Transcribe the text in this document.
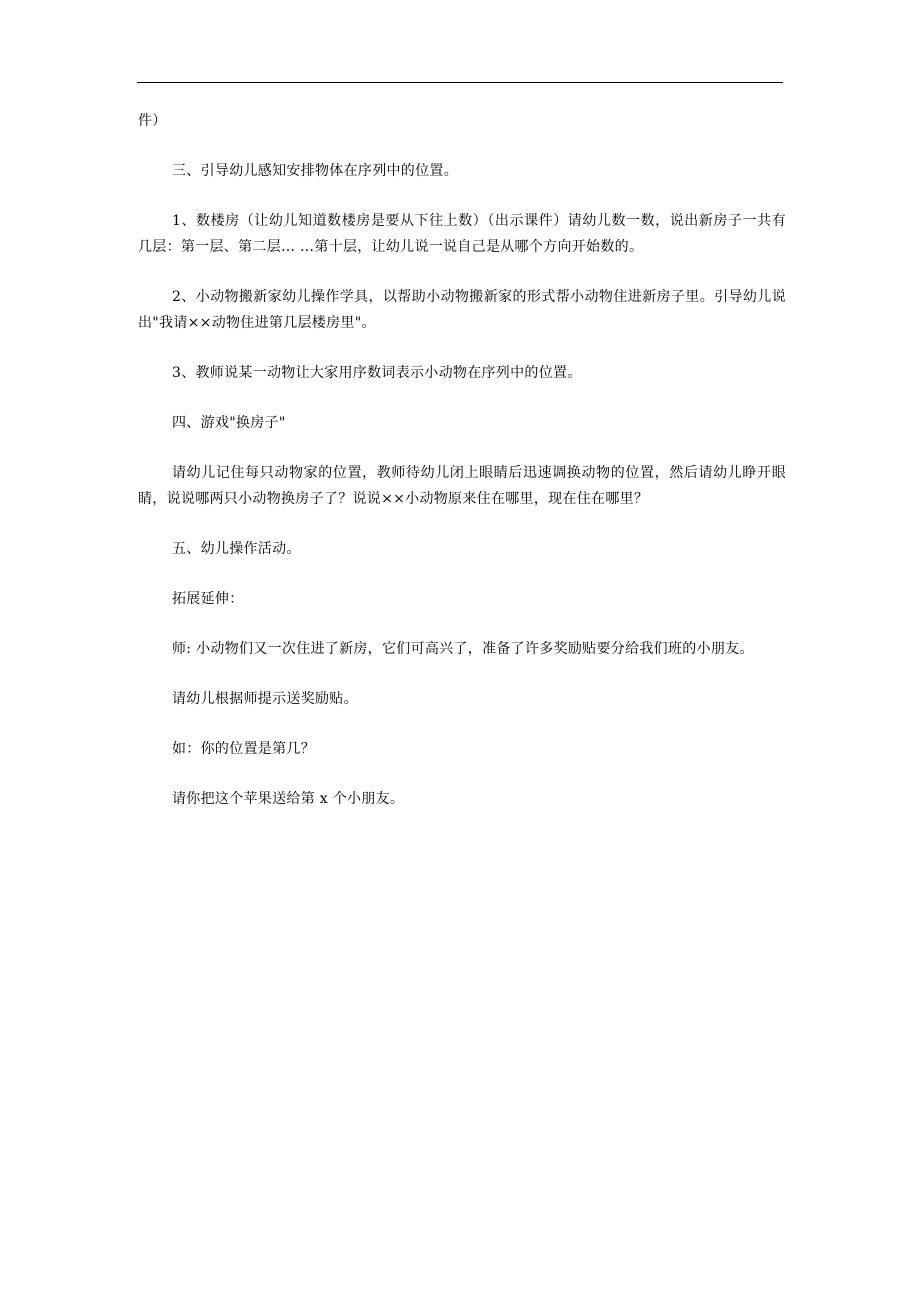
件）

三、引导幼儿感知安排物体在序列中的位置。

1、数楼房（让幼儿知道数楼房是要从下往上数）（出示课件）请幼儿数一数，说出新房子一共有几层：第一层、第二层… …第十层，让幼儿说一说自己是从哪个方向开始数的。

2、小动物搬新家幼儿操作学具，以帮助小动物搬新家的形式帮小动物住进新房子里。引导幼儿说出"我请××动物住进第几层楼房里"。

3、教师说某一动物让大家用序数词表示小动物在序列中的位置。

四、游戏"换房子"

请幼儿记住每只动物家的位置，教师待幼儿闭上眼睛后迅速调换动物的位置，然后请幼儿睁开眼睛，说说哪两只小动物换房子了？说说××小动物原来住在哪里，现在住在哪里？

五、幼儿操作活动。

拓展延伸：

师: 小动物们又一次住进了新房，它们可高兴了，准备了许多奖励贴要分给我们班的小朋友。

请幼儿根据师提示送奖励贴。

如：你的位置是第几？

请你把这个苹果送给第 x 个小朋友。
